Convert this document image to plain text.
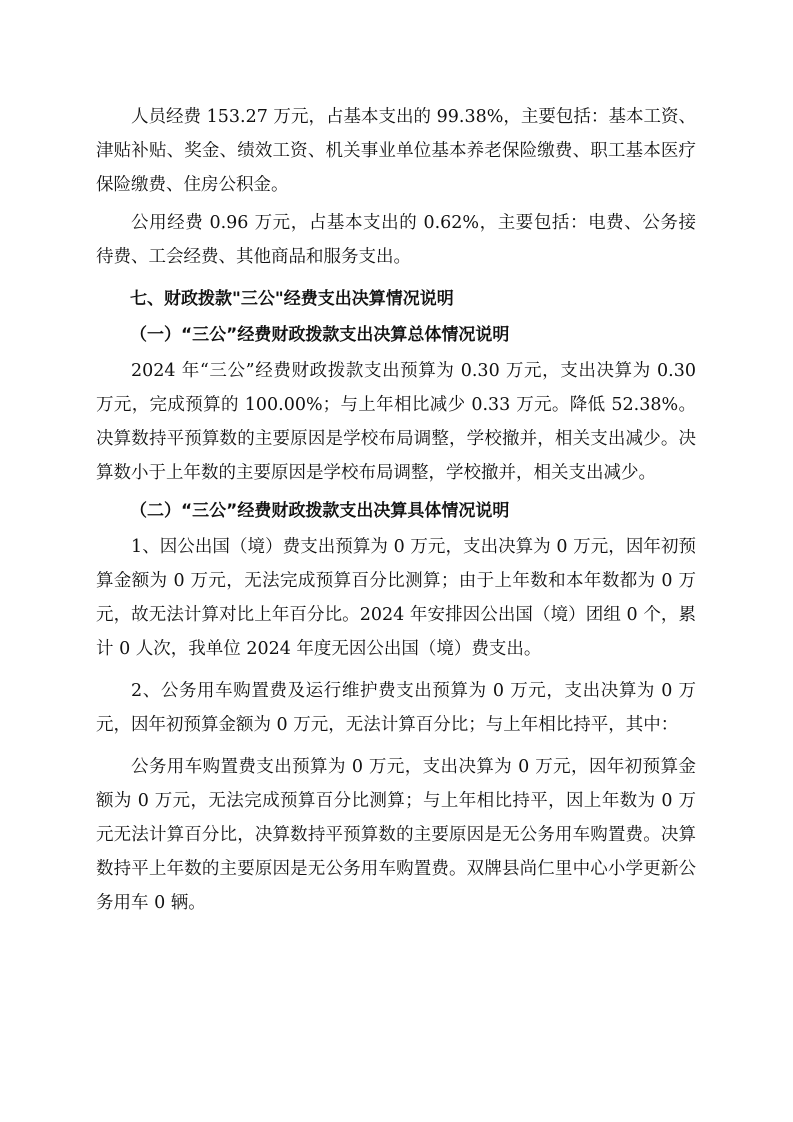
人员经费 153.27 万元，占基本支出的 99.38%，主要包括：基本工资、津贴补贴、奖金、绩效工资、机关事业单位基本养老保险缴费、职工基本医疗保险缴费、住房公积金。

公用经费 0.96 万元，占基本支出的 0.62%，主要包括：电费、公务接待费、工会经费、其他商品和服务支出。

七、财政拨款"三公"经费支出决算情况说明

（一）“三公”经费财政拨款支出决算总体情况说明

2024 年“三公”经费财政拨款支出预算为 0.30 万元，支出决算为 0.30 万元，完成预算的 100.00%；与上年相比减少 0.33 万元。降低 52.38%。决算数持平预算数的主要原因是学校布局调整，学校撤并，相关支出减少。决算数小于上年数的主要原因是学校布局调整，学校撤并，相关支出减少。

（二）“三公”经费财政拨款支出决算具体情况说明

1、因公出国（境）费支出预算为 0 万元，支出决算为 0 万元，因年初预算金额为 0 万元，无法完成预算百分比测算；由于上年数和本年数都为 0 万元，故无法计算对比上年百分比。2024 年安排因公出国（境）团组 0 个，累计 0 人次，我单位 2024 年度无因公出国（境）费支出。

2、公务用车购置费及运行维护费支出预算为 0 万元，支出决算为 0 万元，因年初预算金额为 0 万元，无法计算百分比；与上年相比持平，其中：

公务用车购置费支出预算为 0 万元，支出决算为 0 万元，因年初预算金额为 0 万元，无法完成预算百分比测算；与上年相比持平，因上年数为 0 万元无法计算百分比，决算数持平预算数的主要原因是无公务用车购置费。决算数持平上年数的主要原因是无公务用车购置费。双牌县尚仁里中心小学更新公务用车 0 辆。
